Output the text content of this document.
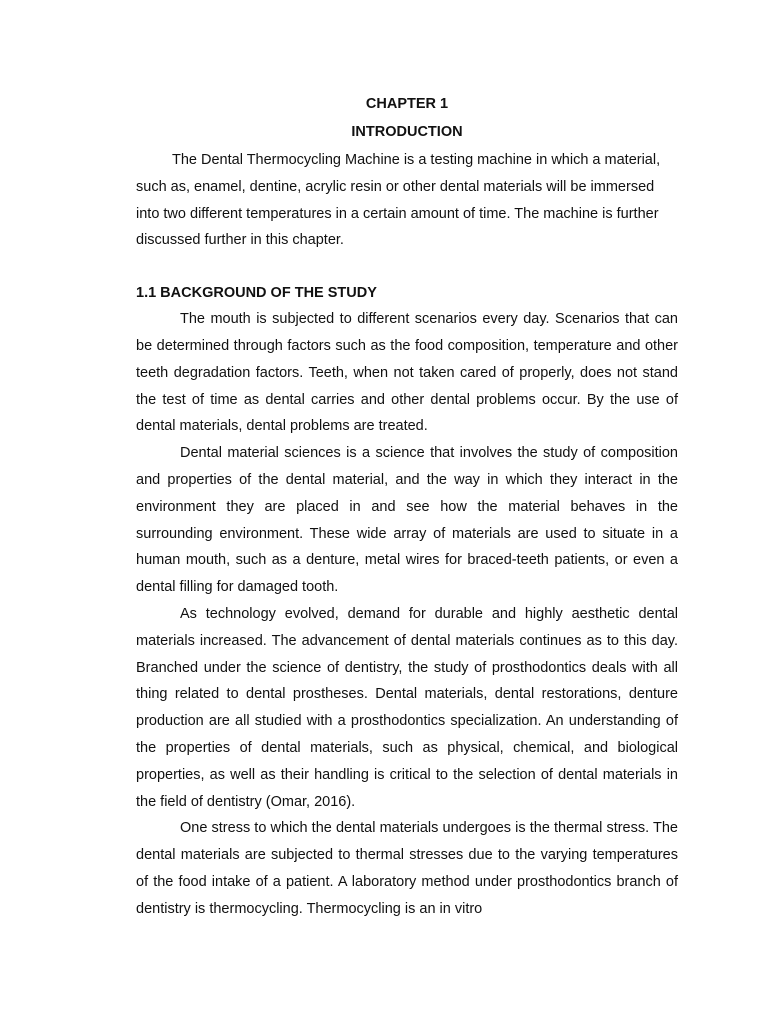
CHAPTER 1

INTRODUCTION

The Dental Thermocycling Machine is a testing machine in which a material, such as, enamel, dentine, acrylic resin or other dental materials will be immersed into two different temperatures in a certain amount of time. The machine is further discussed further in this chapter.

1.1 BACKGROUND OF THE STUDY

The mouth is subjected to different scenarios every day. Scenarios that can be determined through factors such as the food composition, temperature and other teeth degradation factors. Teeth, when not taken cared of properly, does not stand the test of time as dental carries and other dental problems occur. By the use of dental materials, dental problems are treated.

Dental material sciences is a science that involves the study of composition and properties of the dental material, and the way in which they interact in the environment they are placed in and see how the material behaves in the surrounding environment. These wide array of materials are used to situate in a human mouth, such as a denture, metal wires for braced-teeth patients, or even a dental filling for damaged tooth.

As technology evolved, demand for durable and highly aesthetic dental materials increased. The advancement of dental materials continues as to this day. Branched under the science of dentistry, the study of prosthodontics deals with all thing related to dental prostheses. Dental materials, dental restorations, denture production are all studied with a prosthodontics specialization. An understanding of the properties of dental materials, such as physical, chemical, and biological properties, as well as their handling is critical to the selection of dental materials in the field of dentistry (Omar, 2016).

One stress to which the dental materials undergoes is the thermal stress. The dental materials are subjected to thermal stresses due to the varying temperatures of the food intake of a patient. A laboratory method under prosthodontics branch of dentistry is thermocycling. Thermocycling is an in vitro
